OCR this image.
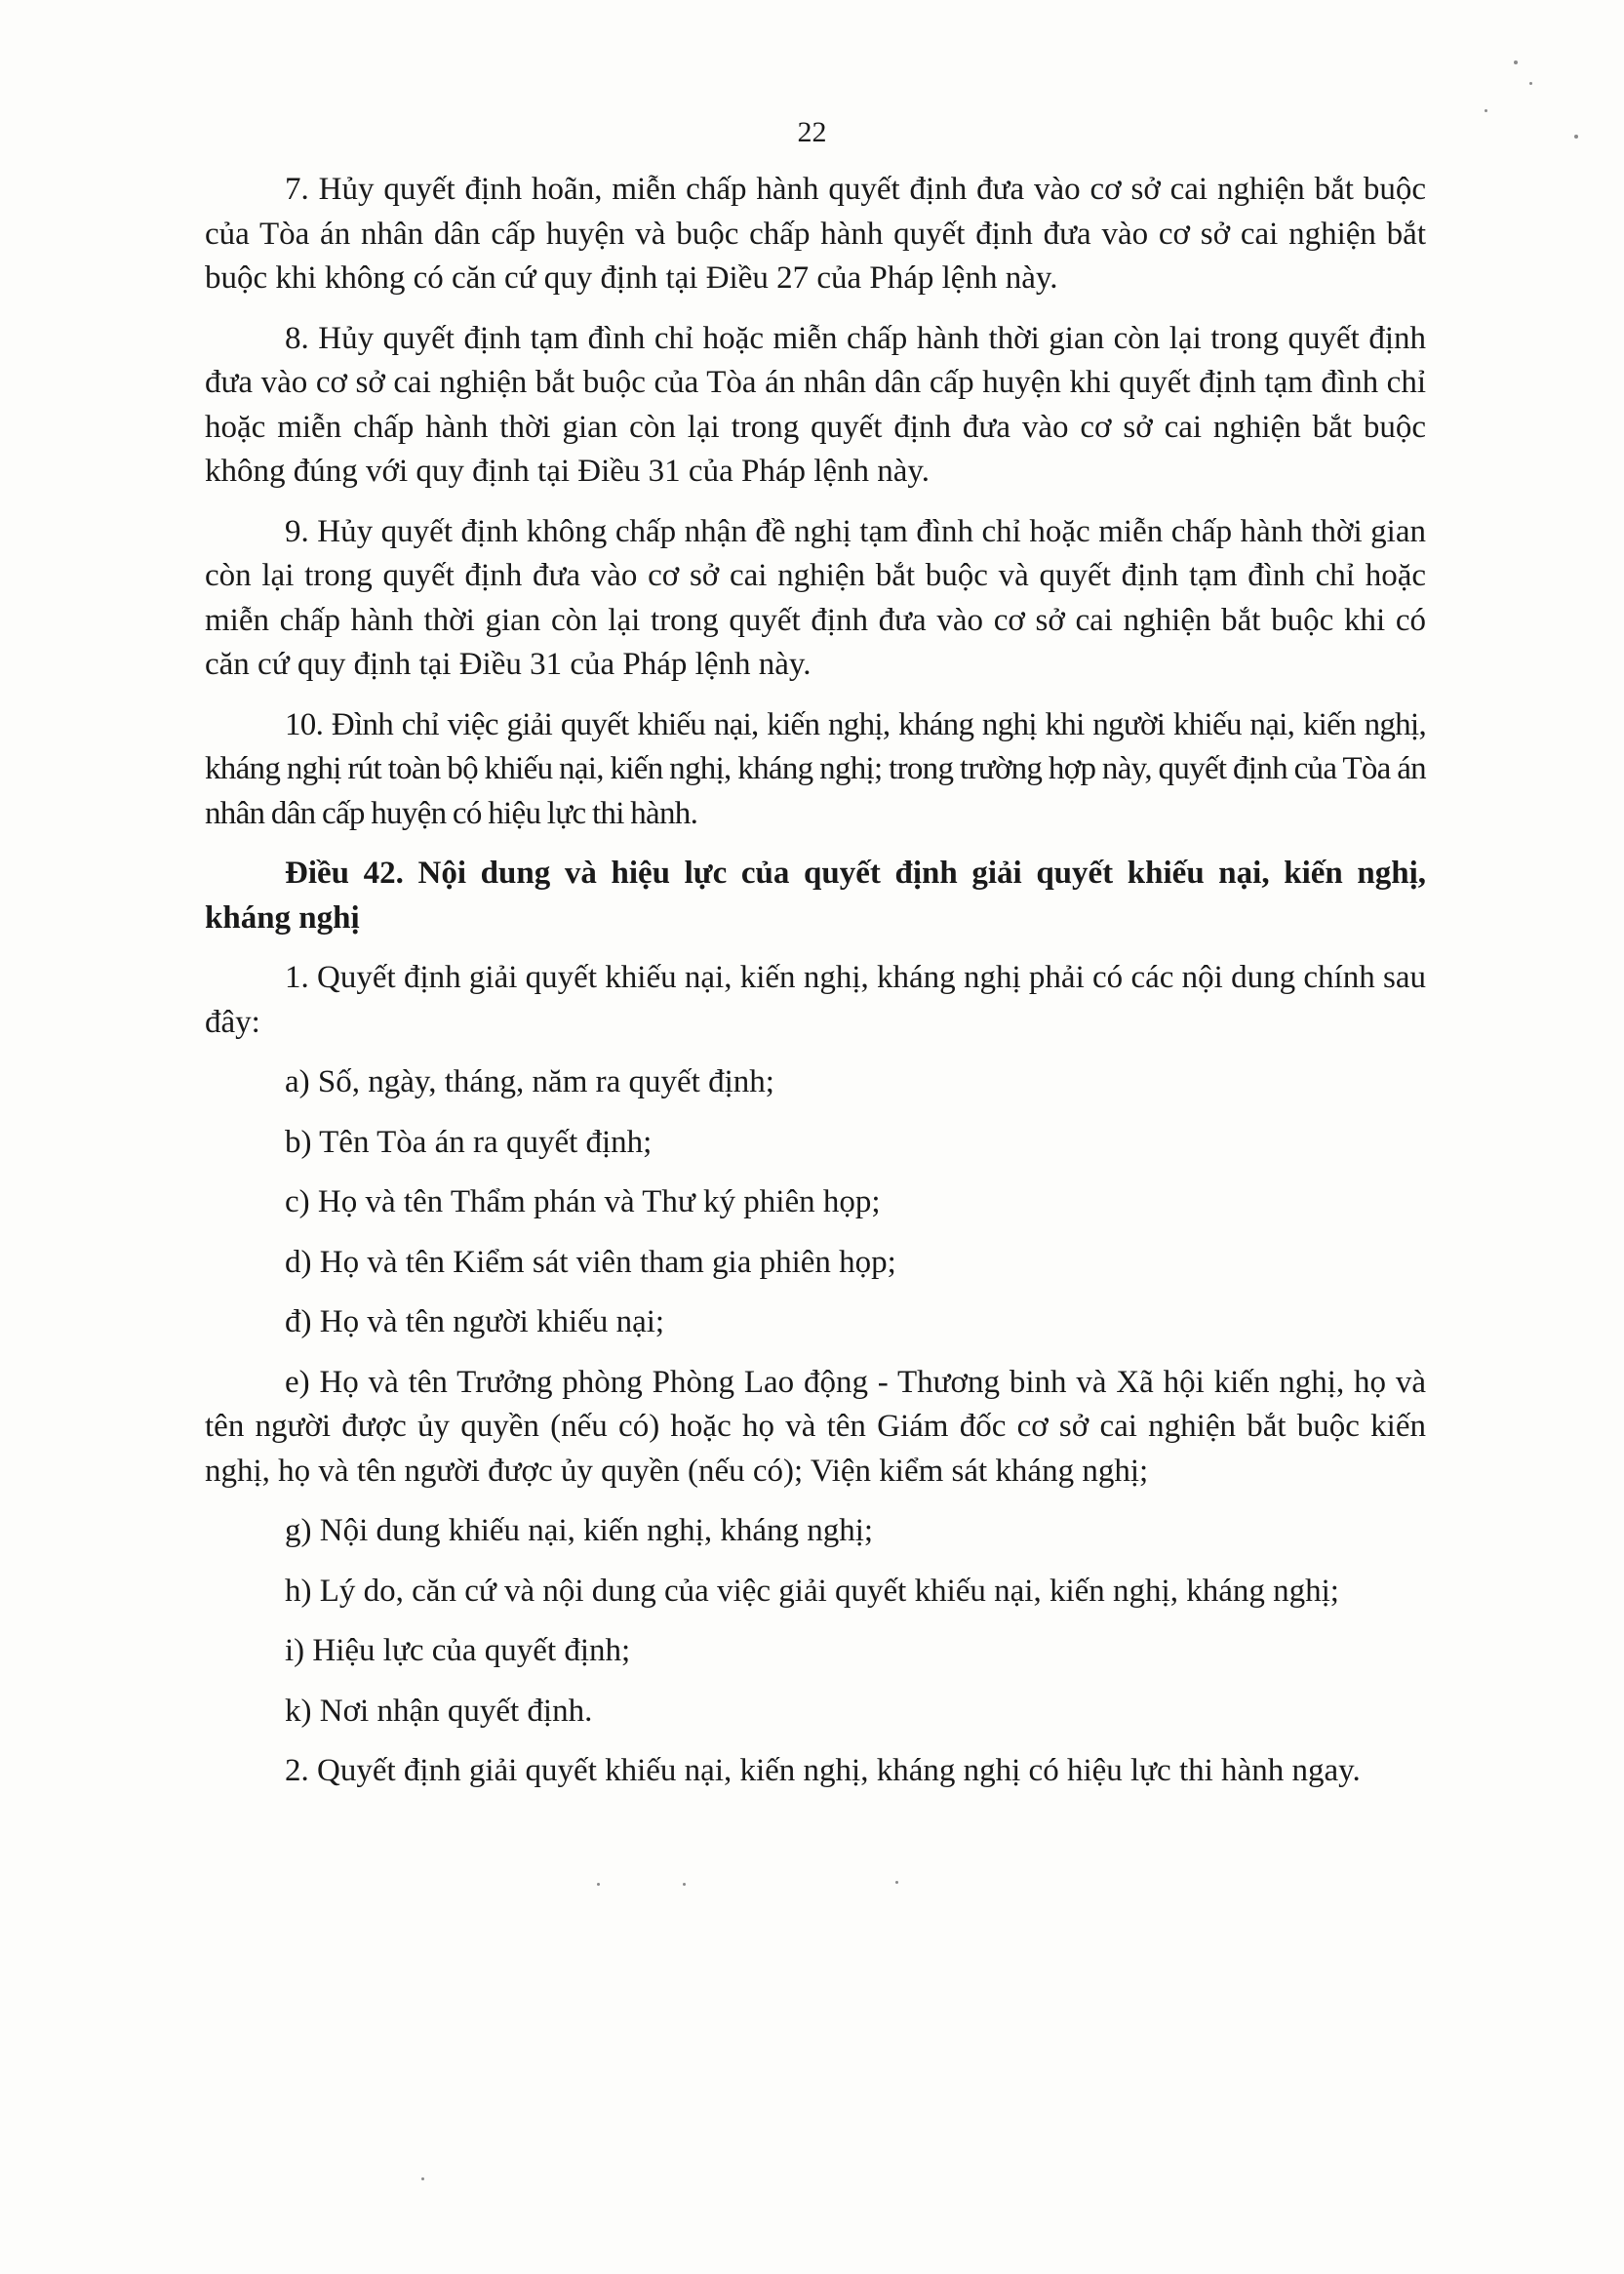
22

7. Hủy quyết định hoãn, miễn chấp hành quyết định đưa vào cơ sở cai nghiện bắt buộc của Tòa án nhân dân cấp huyện và buộc chấp hành quyết định đưa vào cơ sở cai nghiện bắt buộc khi không có căn cứ quy định tại Điều 27 của Pháp lệnh này.

8. Hủy quyết định tạm đình chỉ hoặc miễn chấp hành thời gian còn lại trong quyết định đưa vào cơ sở cai nghiện bắt buộc của Tòa án nhân dân cấp huyện khi quyết định tạm đình chỉ hoặc miễn chấp hành thời gian còn lại trong quyết định đưa vào cơ sở cai nghiện bắt buộc không đúng với quy định tại Điều 31 của Pháp lệnh này.

9. Hủy quyết định không chấp nhận đề nghị tạm đình chỉ hoặc miễn chấp hành thời gian còn lại trong quyết định đưa vào cơ sở cai nghiện bắt buộc và quyết định tạm đình chỉ hoặc miễn chấp hành thời gian còn lại trong quyết định đưa vào cơ sở cai nghiện bắt buộc khi có căn cứ quy định tại Điều 31 của Pháp lệnh này.

10. Đình chỉ việc giải quyết khiếu nại, kiến nghị, kháng nghị khi người khiếu nại, kiến nghị, kháng nghị rút toàn bộ khiếu nại, kiến nghị, kháng nghị; trong trường hợp này, quyết định của Tòa án nhân dân cấp huyện có hiệu lực thi hành.

Điều 42. Nội dung và hiệu lực của quyết định giải quyết khiếu nại, kiến nghị, kháng nghị

1. Quyết định giải quyết khiếu nại, kiến nghị, kháng nghị phải có các nội dung chính sau đây:

a) Số, ngày, tháng, năm ra quyết định;

b) Tên Tòa án ra quyết định;

c) Họ và tên Thẩm phán và Thư ký phiên họp;

d) Họ và tên Kiểm sát viên tham gia phiên họp;

đ) Họ và tên người khiếu nại;

e) Họ và tên Trưởng phòng Phòng Lao động - Thương binh và Xã hội kiến nghị, họ và tên người được ủy quyền (nếu có) hoặc họ và tên Giám đốc cơ sở cai nghiện bắt buộc kiến nghị, họ và tên người được ủy quyền (nếu có); Viện kiểm sát kháng nghị;

g) Nội dung khiếu nại, kiến nghị, kháng nghị;

h) Lý do, căn cứ và nội dung của việc giải quyết khiếu nại, kiến nghị, kháng nghị;

i) Hiệu lực của quyết định;

k) Nơi nhận quyết định.

2. Quyết định giải quyết khiếu nại, kiến nghị, kháng nghị có hiệu lực thi hành ngay.
